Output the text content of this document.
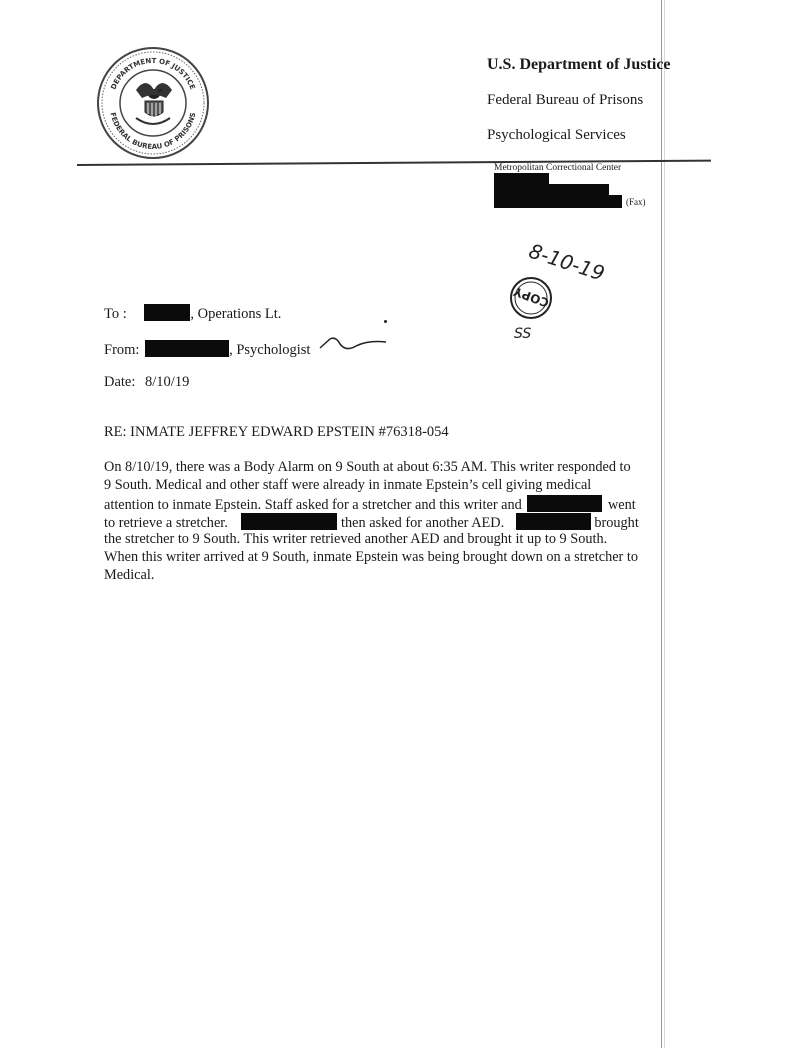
DEPARTMENT OF JUSTICE
FEDERAL BUREAU OF PRISONS
U.S. Department of Justice
Federal Bureau of Prisons
Psychological Services
Metropolitan Correctional Center
(Fax)
8-10-19
COPY
SS
To :	, Operations Lt.
From:	, Psychologist
Date: 8/10/19
RE: INMATE JEFFREY EDWARD EPSTEIN #76318-054
On 8/10/19, there was a Body Alarm on 9 South at about 6:35 AM. This writer responded to
9 South. Medical and other staff were already in inmate Epstein’s cell giving medical
attention to inmate Epstein. Staff asked for a stretcher and this writer and	went
to retrieve a stretcher.	then asked for another AED.	brought
the stretcher to 9 South. This writer retrieved another AED and brought it up to 9 South.
When this writer arrived at 9 South, inmate Epstein was being brought down on a stretcher to
Medical.
